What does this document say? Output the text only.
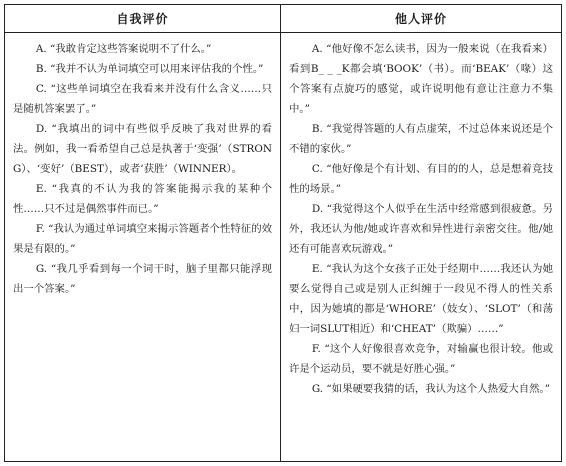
自我评价	他人评价

A. “我敢肯定这些答案说明不了什么。”

B. “我并不认为单词填空可以用来评估我的个性。”

C. “这些单词填空在我看来并没有什么含义……只是随机答案罢了。”

D. “我填出的词中有些似乎反映了我对世界的看法。例如，我一看希望自己总是执著于‘变强’（STRONG）、‘变好’（BEST），或者‘获胜’（WINNER）。

E. “我真的不认为我的答案能揭示我的某种个性……只不过是偶然事件而已。”

F. “我认为通过单词填空来揭示答题者个性特征的效果是有限的。”

G. “我几乎看到每一个词干时，脑子里都只能浮现出一个答案。”

A. “他好像不怎么读书，因为一般来说（在我看来）看到B_ _ _K都会填‘BOOK’（书）。而‘BEAK’（喙）这个答案有点旋巧的感觉，或许说明他有意让注意力不集中。”

B. “我觉得答题的人有点虚荣，不过总体来说还是个不错的家伙。”

C. “他好像是个有计划、有目的的人，总是想着竞技性的场景。”

D. “我觉得这个人似乎在生活中经常感到很疲惫。另外，我还认为他/她或许喜欢和异性进行亲密交往。他/她还有可能喜欢玩游戏。”

E. “我认为这个女孩子正处于经期中……我还认为她要么觉得自己或是别人正纠缠于一段见不得人的性关系中，因为她填的都是‘WHORE’（妓女）、‘SLOT’（和荡妇一词SLUT相近）和‘CHEAT’（欺骗）……”

F. “这个人好像很喜欢竞争，对输赢也很计较。他或许是个运动员，要不就是好胜心强。”

G. “如果硬要我猜的话，我认为这个人热爱大自然。”
